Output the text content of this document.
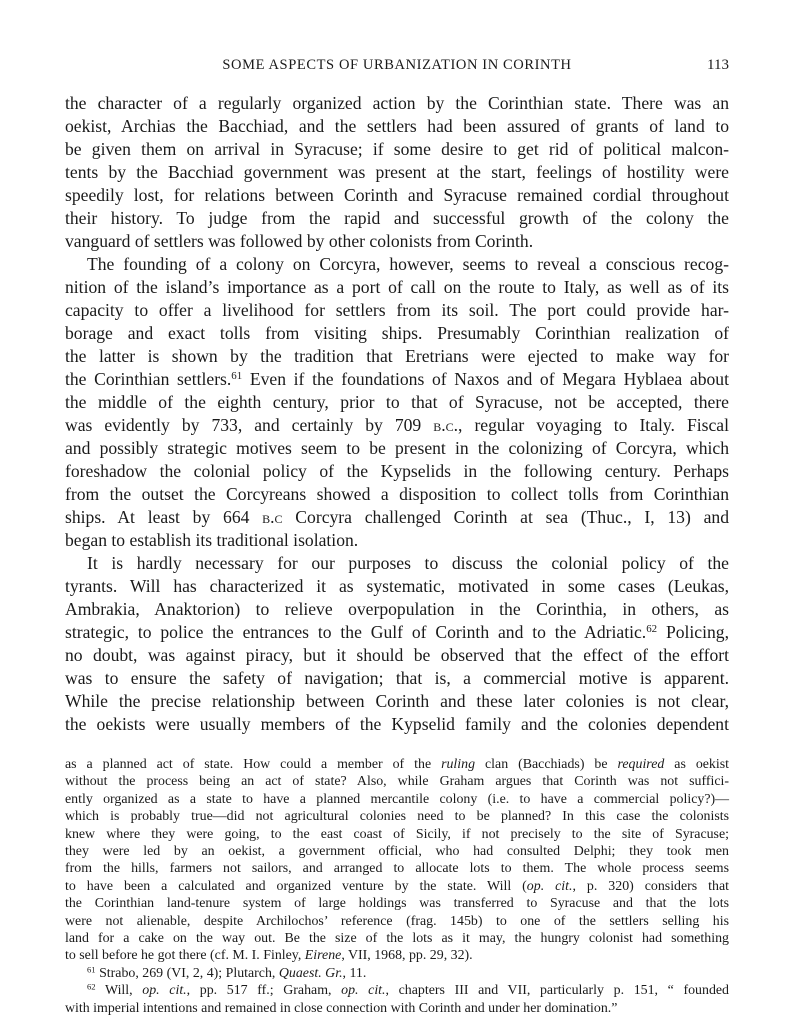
SOME ASPECTS OF URBANIZATION IN CORINTH	113
the character of a regularly organized action by the Corinthian state. There was an
oekist, Archias the Bacchiad, and the settlers had been assured of grants of land to
be given them on arrival in Syracuse; if some desire to get rid of political malcon-
tents by the Bacchiad government was present at the start, feelings of hostility were
speedily lost, for relations between Corinth and Syracuse remained cordial throughout
their history. To judge from the rapid and successful growth of the colony the
vanguard of settlers was followed by other colonists from Corinth.
The founding of a colony on Corcyra, however, seems to reveal a conscious recog-
nition of the island’s importance as a port of call on the route to Italy, as well as of its
capacity to offer a livelihood for settlers from its soil. The port could provide har-
borage and exact tolls from visiting ships. Presumably Corinthian realization of
the latter is shown by the tradition that Eretrians were ejected to make way for
the Corinthian settlers.$^{61}$ Even if the foundations of Naxos and of Megara Hyblaea about
the middle of the eighth century, prior to that of Syracuse, not be accepted, there
was evidently by 733, and certainly by 709 b.c., regular voyaging to Italy. Fiscal
and possibly strategic motives seem to be present in the colonizing of Corcyra, which
foreshadow the colonial policy of the Kypselids in the following century. Perhaps
from the outset the Corcyreans showed a disposition to collect tolls from Corinthian
ships. At least by 664 b.c Corcyra challenged Corinth at sea (Thuc., I, 13) and
began to establish its traditional isolation.
It is hardly necessary for our purposes to discuss the colonial policy of the
tyrants. Will has characterized it as systematic, motivated in some cases (Leukas,
Ambrakia, Anaktorion) to relieve overpopulation in the Corinthia, in others, as
strategic, to police the entrances to the Gulf of Corinth and to the Adriatic.$^{62}$ Policing,
no doubt, was against piracy, but it should be observed that the effect of the effort
was to ensure the safety of navigation; that is, a commercial motive is apparent.
While the precise relationship between Corinth and these later colonies is not clear,
the oekists were usually members of the Kypselid family and the colonies dependent
as a planned act of state. How could a member of the ruling clan (Bacchiads) be required as oekist
without the process being an act of state? Also, while Graham argues that Corinth was not suffici-
ently organized as a state to have a planned mercantile colony (i.e. to have a commercial policy?)—
which is probably true—did not agricultural colonies need to be planned? In this case the colonists
knew where they were going, to the east coast of Sicily, if not precisely to the site of Syracuse;
they were led by an oekist, a government official, who had consulted Delphi; they took men
from the hills, farmers not sailors, and arranged to allocate lots to them. The whole process seems
to have been a calculated and organized venture by the state. Will (op. cit., p. 320) considers that
the Corinthian land-tenure system of large holdings was transferred to Syracuse and that the lots
were not alienable, despite Archilochos’ reference (frag. 145b) to one of the settlers selling his
land for a cake on the way out. Be the size of the lots as it may, the hungry colonist had something
to sell before he got there (cf. M. I. Finley, Eirene, VII, 1968, pp. 29, 32).
$^{61}$ Strabo, 269 (VI, 2, 4); Plutarch, Quaest. Gr., 11.
$^{62}$ Will, op. cit., pp. 517 ff.; Graham, op. cit., chapters III and VII, particularly p. 151, “ founded
with imperial intentions and remained in close connection with Corinth and under her domination.”
